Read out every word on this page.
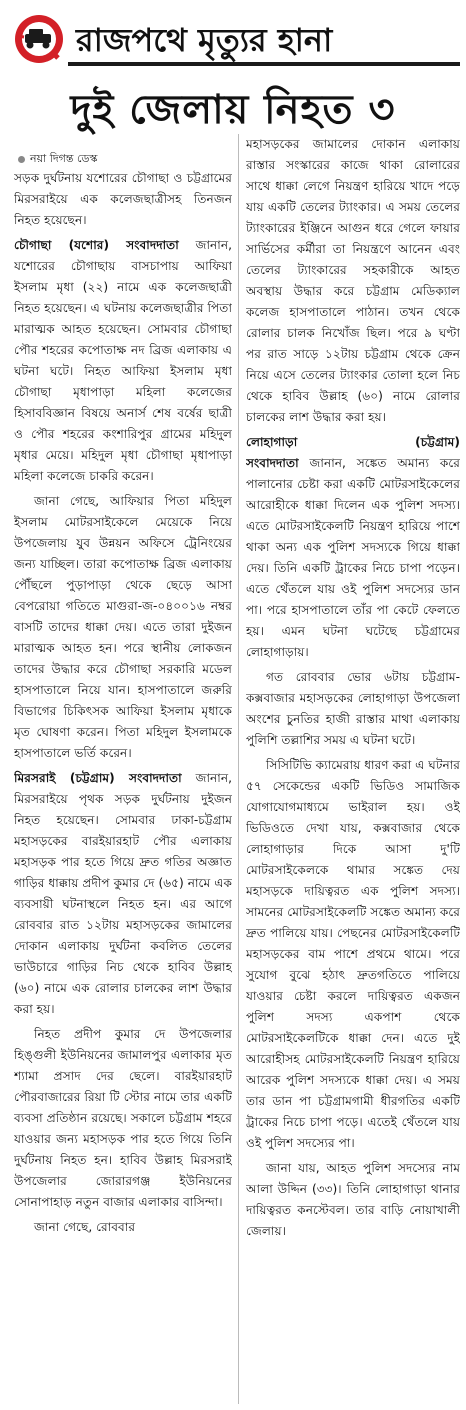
রাজপথে মৃত্যুর হানা
দুই জেলায় নিহত ৩
নয়া দিগন্ত ডেস্ক

সড়ক দুর্ঘটনায় যশোরের চৌগাছা ও চট্টগ্রামের মিরসরাইয়ে এক কলেজছাত্রীসহ তিনজন নিহত হয়েছেন।

চৌগাছা (যশোর) সংবাদদাতা জানান, যশোরের চৌগাছায় বাসচাপায় আফিয়া ইসলাম মৃধা (২২) নামে এক কলেজছাত্রী নিহত হয়েছেন। এ ঘটনায় কলেজছাত্রীর পিতা মারাত্মক আহত হয়েছেন। সোমবার চৌগাছা পৌর শহরের কপোতাক্ষ নদ ব্রিজ এলাকায় এ ঘটনা ঘটে। নিহত আফিয়া ইসলাম মৃধা চৌগাছা মৃধাপাড়া মহিলা কলেজের হিসাববিজ্ঞান বিষয়ে অনার্স শেষ বর্ষের ছাত্রী ও পৌর শহরের কংশারিপুর গ্রামের মহিদুল মৃধার মেয়ে। মহিদুল মৃধা চৌগাছা মৃধাপাড়া মহিলা কলেজে চাকরি করেন।

জানা গেছে, আফিয়ার পিতা মহিদুল ইসলাম মোটরসাইকেলে মেয়েকে নিয়ে উপজেলায় যুব উন্নয়ন অফিসে ট্রেনিংয়ের জন্য যাচ্ছিল। তারা কপোতাক্ষ ব্রিজ এলাকায় পৌঁছলে পুড়াপাড়া থেকে ছেড়ে আসা বেপরোয়া গতিতে মাগুরা-জ-০৪০০১৬ নম্বর বাসটি তাদের ধাক্কা দেয়। এতে তারা দুইজন মারাত্মক আহত হন। পরে স্থানীয় লোকজন তাদের উদ্ধার করে চৌগাছা সরকারি মডেল হাসপাতালে নিয়ে যান। হাসপাতালে জরুরি বিভাগের চিকিৎসক আফিয়া ইসলাম মৃধাকে মৃত ঘোষণা করেন। পিতা মহিদুল ইসলামকে হাসপাতালে ভর্তি করেন।

মিরসরাই (চট্টগ্রাম) সংবাদদাতা জানান, মিরসরাইয়ে পৃথক সড়ক দুর্ঘটনায় দুইজন নিহত হয়েছেন। সোমবার ঢাকা-চট্টগ্রাম মহাসড়কের বারইয়ারহাট পৌর এলাকায় মহাসড়ক পার হতে গিয়ে দ্রুত গতির অজ্ঞাত গাড়ির ধাক্কায় প্রদীপ কুমার দে (৬৫) নামে এক ব্যবসায়ী ঘটনাস্থলে নিহত হন। এর আগে রোববার রাত ১২টায় মহাসড়কের জামালের দোকান এলাকায় দুর্ঘটনা কবলিত তেলের ভাউচারে গাড়ির নিচ থেকে হাবিব উল্লাহ (৬০) নামে এক রোলার চালকের লাশ উদ্ধার করা হয়।

নিহত প্রদীপ কুমার দে উপজেলার হিঙ্গুলী ইউনিয়নের জামালপুর এলাকার মৃত শ্যামা প্রসাদ দের ছেলে। বারইয়ারহাট পৌরবাজারের রিয়া টি স্টোর নামে তার একটি ব্যবসা প্রতিষ্ঠান রয়েছে। সকালে চট্টগ্রাম শহরে যাওয়ার জন্য মহাসড়ক পার হতে গিয়ে তিনি দুর্ঘটনায় নিহত হন। হাবিব উল্লাহ মিরসরাই উপজেলার জোরারগঞ্জ ইউনিয়নের সোনাপাহাড় নতুন বাজার এলাকার বাসিন্দা।

জানা গেছে, রোববার

মহাসড়কের জামালের দোকান এলাকায় রাস্তার সংস্কারের কাজে থাকা রোলারের সাথে ধাক্কা লেগে নিয়ন্ত্রণ হারিয়ে খাদে পড়ে যায় একটি তেলের ট্যাংকার। এ সময় তেলের ট্যাংকারের ইঞ্জিনে আগুন ধরে গেলে ফায়ার সার্ভিসের কর্মীরা তা নিয়ন্ত্রণে আনেন এবং তেলের ট্যাংকারের সহকারীকে আহত অবস্থায় উদ্ধার করে চট্টগ্রাম মেডিক্যাল কলেজ হাসপাতালে পাঠান। তখন থেকে রোলার চালক নিখোঁজ ছিল। পরে ৯ ঘণ্টা পর রাত সাড়ে ১২টায় চট্টগ্রাম থেকে ক্রেন নিয়ে এসে তেলের ট্যাংকার তোলা হলে নিচ থেকে হাবিব উল্লাহ (৬০) নামে রোলার চালকের লাশ উদ্ধার করা হয়।

লোহাগাড়া	(চট্টগ্রাম)

সংবাদদাতা জানান, সঙ্কেত অমান্য করে পালানোর চেষ্টা করা একটি মোটরসাইকেলের আরোহীকে ধাক্কা দিলেন এক পুলিশ সদস্য। এতে মোটরসাইকেলটি নিয়ন্ত্রণ হারিয়ে পাশে থাকা অন্য এক পুলিশ সদস্যকে গিয়ে ধাক্কা দেয়। তিনি একটি ট্রাকের নিচে চাপা পড়েন। এতে থেঁতলে যায় ওই পুলিশ সদস্যের ডান পা। পরে হাসপাতালে তাঁর পা কেটে ফেলতে হয়। এমন ঘটনা ঘটেছে চট্টগ্রামের লোহাগাড়ায়।

গত রোববার ভোর ৬টায় চট্টগ্রাম-কক্সবাজার মহাসড়কের লোহাগাড়া উপজেলা অংশের চুনতির হাজী রাস্তার মাথা এলাকায় পুলিশি তল্লাশির সময় এ ঘটনা ঘটে।

সিসিটিভি ক্যামেরায় ধারণ করা এ ঘটনার ৫৭ সেকেন্ডের একটি ভিডিও সামাজিক যোগাযোগমাধ্যমে ভাইরাল হয়। ওই ভিডিওতে দেখা যায়, কক্সবাজার থেকে লোহাগাড়ার দিকে আসা দু'টি মোটরসাইকেলকে থামার সঙ্কেত দেয় মহাসড়কে দায়িত্বরত এক পুলিশ সদস্য। সামনের মোটরসাইকেলটি সঙ্কেত অমান্য করে দ্রুত পালিয়ে যায়। পেছনের মোটরসাইকেলটি মহাসড়কের বাম পাশে প্রথমে থামে। পরে সুযোগ বুঝে হঠাৎ দ্রুতগতিতে পালিয়ে যাওয়ার চেষ্টা করলে দায়িত্বরত একজন পুলিশ সদস্য একপাশ থেকে মোটরসাইকেলটিকে ধাক্কা দেন। এতে দুই আরোহীসহ মোটরসাইকেলটি নিয়ন্ত্রণ হারিয়ে আরেক পুলিশ সদস্যকে ধাক্কা দেয়। এ সময় তার ডান পা চট্টগ্রামগামী ধীরগতির একটি ট্রাকের নিচে চাপা পড়ে। এতেই থেঁতলে যায় ওই পুলিশ সদস্যের পা।

জানা যায়, আহত পুলিশ সদস্যের নাম আলা উদ্দিন (৩৩)। তিনি লোহাগাড়া থানার দায়িত্বরত কনস্টেবল। তার বাড়ি নোয়াখালী জেলায়।
